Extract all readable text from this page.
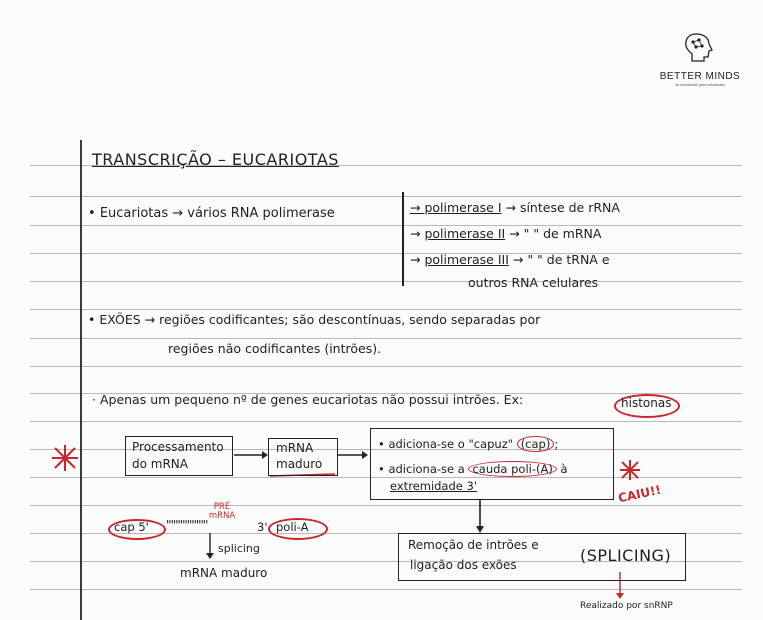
BETTER MINDS
de estudantes para estudantes
TRANSCRIÇÃO – EUCARIOTAS
• Eucariotas → vários RNA polimerase	→ polimerase I → síntese de rRNA
→ polimerase II → " " de mRNA
→ polimerase III → " " de tRNA e
outros RNA celulares
• EXÕES → regiões codificantes; são descontínuas, sendo separadas por
regiões não codificantes (intrões).
· Apenas um pequeno nº de genes eucariotas não possui intrões. Ex:	histonas
Processamento
do mRNA
mRNA
maduro
• adiciona-se o "capuz" (cap) ;
• adiciona-se a cauda poli-(A) à
extremidade 3'	CAIU!!
PRÉ mRNA
cap 5' ''''''''''''''''''	3' poli-A
splicing
mRNA maduro
Remoção de intrões e
ligação dos exões	(SPLICING)
Realizado por snRNP
